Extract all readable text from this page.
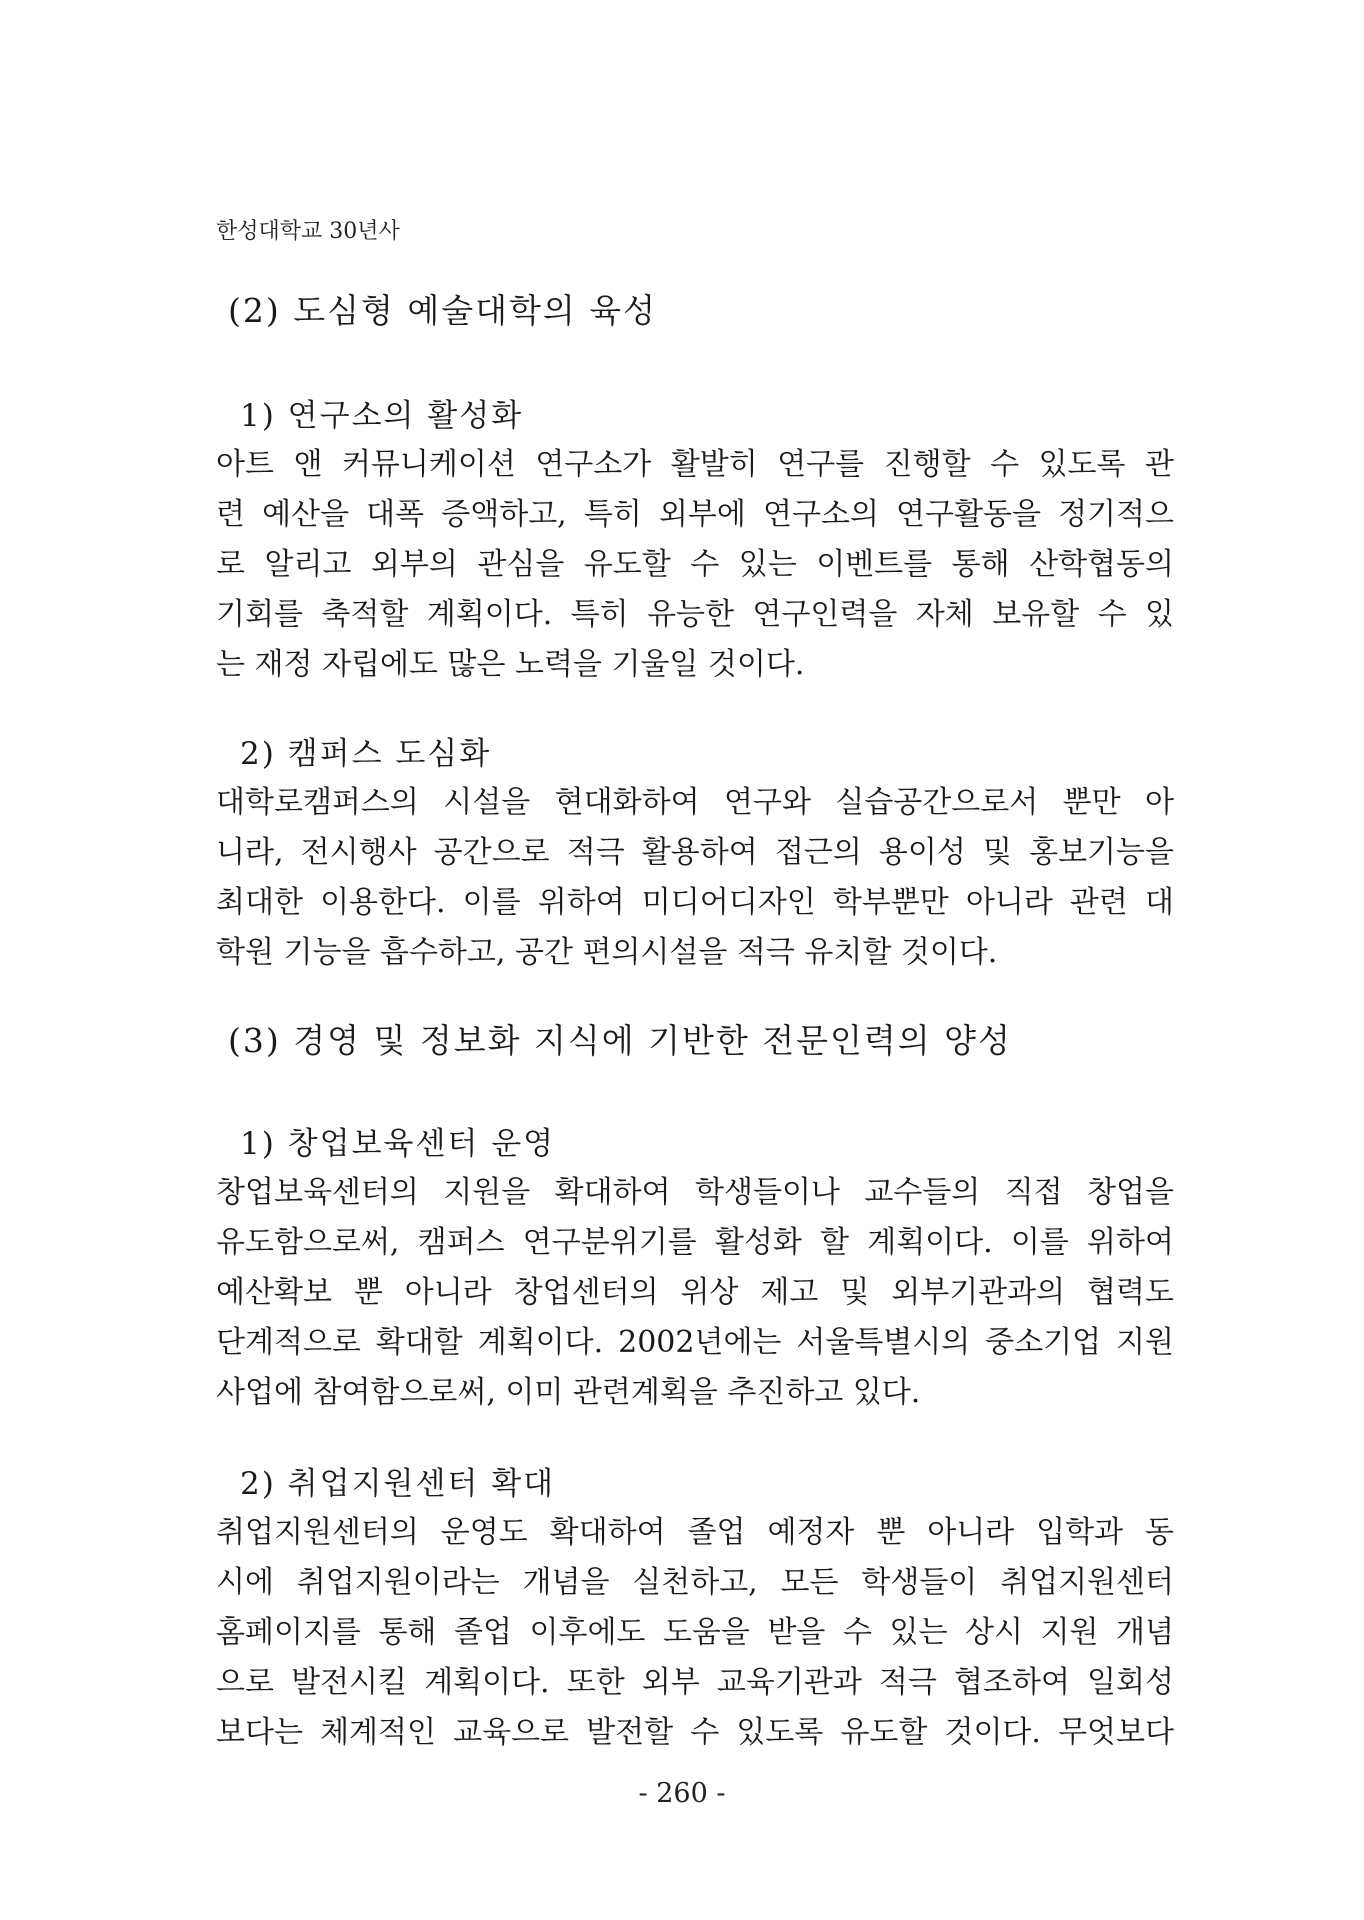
한성대학교 30년사
(2) 도심형 예술대학의 육성
1) 연구소의 활성화
아트 앤 커뮤니케이션 연구소가 활발히 연구를 진행할 수 있도록 관
련 예산을 대폭 증액하고, 특히 외부에 연구소의 연구활동을 정기적으
로 알리고 외부의 관심을 유도할 수 있는 이벤트를 통해 산학협동의
기회를 축적할 계획이다. 특히 유능한 연구인력을 자체 보유할 수 있
는 재정 자립에도 많은 노력을 기울일 것이다.
2) 캠퍼스 도심화
대학로캠퍼스의 시설을 현대화하여 연구와 실습공간으로서 뿐만 아
니라, 전시행사 공간으로 적극 활용하여 접근의 용이성 및 홍보기능을
최대한 이용한다. 이를 위하여 미디어디자인 학부뿐만 아니라 관련 대
학원 기능을 흡수하고, 공간 편의시설을 적극 유치할 것이다.
(3) 경영 및 정보화 지식에 기반한 전문인력의 양성
1) 창업보육센터 운영
창업보육센터의 지원을 확대하여 학생들이나 교수들의 직접 창업을
유도함으로써, 캠퍼스 연구분위기를 활성화 할 계획이다. 이를 위하여
예산확보 뿐 아니라 창업센터의 위상 제고 및 외부기관과의 협력도
단계적으로 확대할 계획이다. 2002년에는 서울특별시의 중소기업 지원
사업에 참여함으로써, 이미 관련계획을 추진하고 있다.
2) 취업지원센터 확대
취업지원센터의 운영도 확대하여 졸업 예정자 뿐 아니라 입학과 동
시에 취업지원이라는 개념을 실천하고, 모든 학생들이 취업지원센터
홈페이지를 통해 졸업 이후에도 도움을 받을 수 있는 상시 지원 개념
으로 발전시킬 계획이다. 또한 외부 교육기관과 적극 협조하여 일회성
보다는 체계적인 교육으로 발전할 수 있도록 유도할 것이다. 무엇보다
- 260 -
